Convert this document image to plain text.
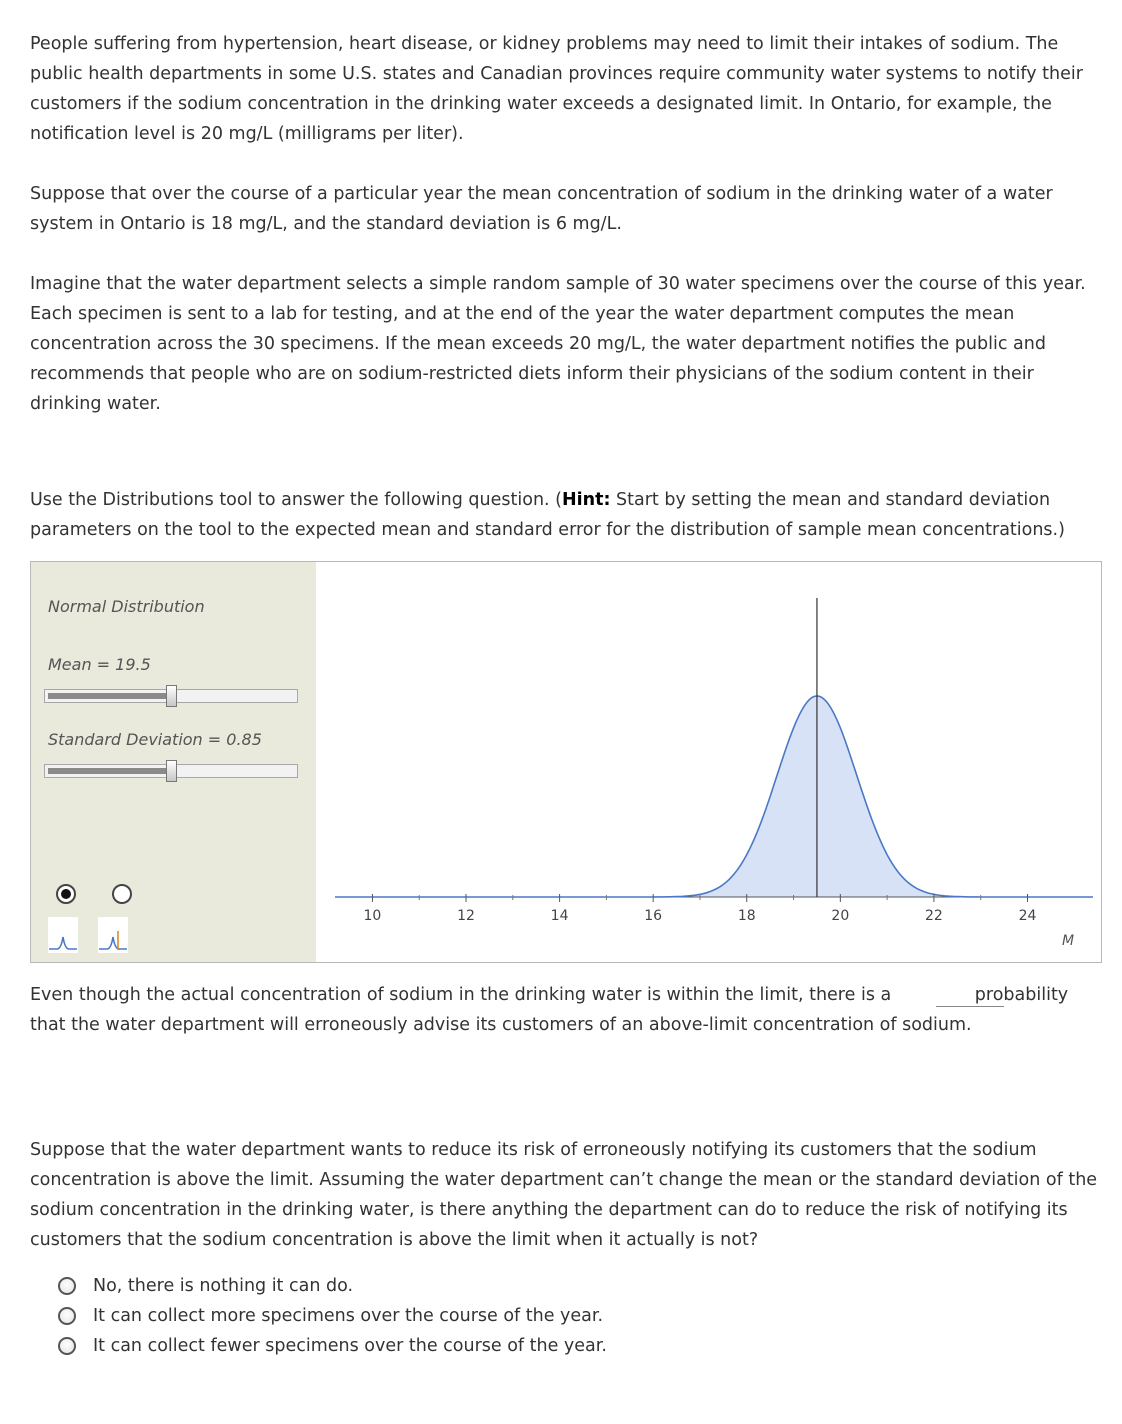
People suffering from hypertension, heart disease, or kidney problems may need to limit their intakes of sodium. The public health departments in some U.S. states and Canadian provinces require community water systems to notify their customers if the sodium concentration in the drinking water exceeds a designated limit. In Ontario, for example, the notification level is 20 mg/L (milligrams per liter).

Suppose that over the course of a particular year the mean concentration of sodium in the drinking water of a water system in Ontario is 18 mg/L, and the standard deviation is 6 mg/L.

Imagine that the water department selects a simple random sample of 30 water specimens over the course of this year. Each specimen is sent to a lab for testing, and at the end of the year the water department computes the mean concentration across the 30 specimens. If the mean exceeds 20 mg/L, the water department notifies the public and recommends that people who are on sodium-restricted diets inform their physicians of the sodium content in their drinking water.

Use the Distributions tool to answer the following question. (Hint: Start by setting the mean and standard deviation parameters on the tool to the expected mean and standard error for the distribution of sample mean concentrations.)

Normal Distribution
Mean = 19.5
Standard Deviation = 0.85
10	12	14	16	18	20	22	24
M
Even though the actual concentration of sodium in the drinking water is within the limit, there is a	probability that the water department will erroneously advise its customers of an above-limit concentration of sodium.

Suppose that the water department wants to reduce its risk of erroneously notifying its customers that the sodium concentration is above the limit. Assuming the water department can’t change the mean or the standard deviation of the sodium concentration in the drinking water, is there anything the department can do to reduce the risk of notifying its customers that the sodium concentration is above the limit when it actually is not?

No, there is nothing it can do.
It can collect more specimens over the course of the year.
It can collect fewer specimens over the course of the year.
